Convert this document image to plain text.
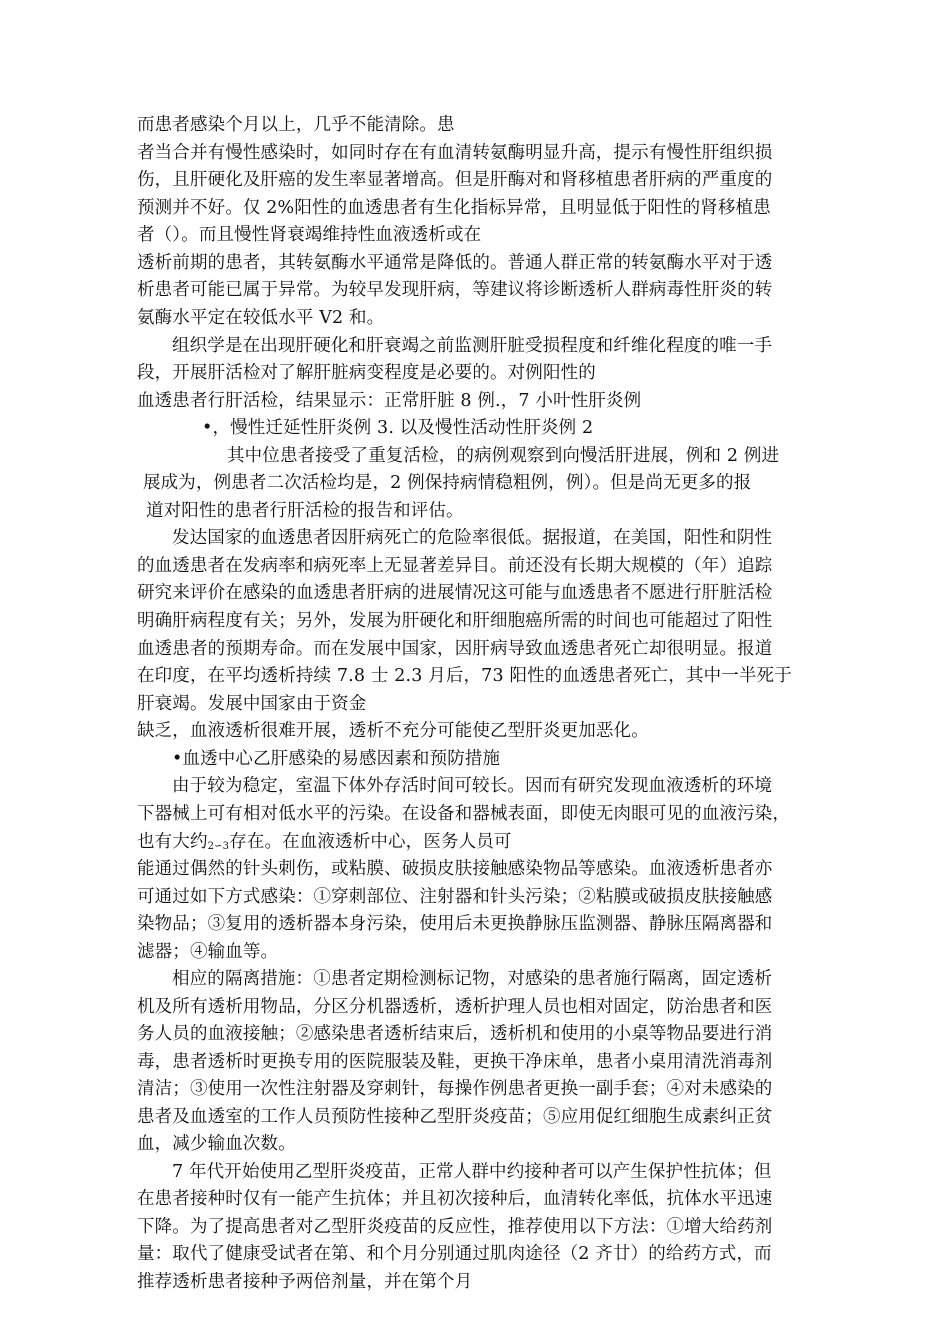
而患者感染个月以上，几乎不能清除。患
者当合并有慢性感染时，如同时存在有血清转氨酶明显升高，提示有慢性肝组织损
伤，且肝硬化及肝癌的发生率显著增高。但是肝酶对和肾移植患者肝病的严重度的
预测并不好。仅 2%阳性的血透患者有生化指标异常，且明显低于阳性的肾移植患
者（）。而且慢性肾衰竭维持性血液透析或在
透析前期的患者，其转氨酶水平通常是降低的。普通人群正常的转氨酶水平对于透
析患者可能已属于异常。为较早发现肝病，等建议将诊断透析人群病毒性肝炎的转
氨酶水平定在较低水平 V2 和。
组织学是在出现肝硬化和肝衰竭之前监测肝脏受损程度和纤维化程度的唯一手
段，开展肝活检对了解肝脏病变程度是必要的。对例阳性的
血透患者行肝活检，结果显示：正常肝脏 8 例.，7 小叶性肝炎例
•，慢性迁延性肝炎例 3. 以及慢性活动性肝炎例 2
其中位患者接受了重复活检，的病例观察到向慢活肝进展，例和 2 例进
展成为，例患者二次活检均是，2 例保持病情稳粗例，例）。但是尚无更多的报
道对阳性的患者行肝活检的报告和评估。
发达国家的血透患者因肝病死亡的危险率很低。据报道，在美国，阳性和阴性
的血透患者在发病率和病死率上无显著差异目。前还没有长期大规模的（年）追踪
研究来评价在感染的血透患者肝病的进展情况这可能与血透患者不愿进行肝脏活检
明确肝病程度有关；另外，发展为肝硬化和肝细胞癌所需的时间也可能超过了阳性
血透患者的预期寿命。而在发展中国家，因肝病导致血透患者死亡却很明显。报道
在印度，在平均透析持续 7.8 士 2.3 月后，73 阳性的血透患者死亡，其中一半死于
肝衰竭。发展中国家由于资金
缺乏，血液透析很难开展，透析不充分可能使乙型肝炎更加恶化。
•血透中心乙肝感染的易感因素和预防措施
由于较为稳定，室温下体外存活时间可较长。因而有研究发现血液透析的环境
下器械上可有相对低水平的污染。在设备和器械表面，即使无肉眼可见的血液污染，
也有大约2∽3存在。在血液透析中心，医务人员可
能通过偶然的针头刺伤，或粘膜、破损皮肤接触感染物品等感染。血液透析患者亦
可通过如下方式感染：①穿刺部位、注射器和针头污染；②粘膜或破损皮肤接触感
染物品；③复用的透析器本身污染，使用后未更换静脉压监测器、静脉压隔离器和
滤器；④输血等。
相应的隔离措施：①患者定期检测标记物，对感染的患者施行隔离，固定透析
机及所有透析用物品，分区分机器透析，透析护理人员也相对固定，防治患者和医
务人员的血液接触；②感染患者透析结束后，透析机和使用的小桌等物品要进行消
毒，患者透析时更换专用的医院服装及鞋，更换干净床单，患者小桌用清洗消毒剂
清洁；③使用一次性注射器及穿刺针，每操作例患者更换一副手套；④对未感染的
患者及血透室的工作人员预防性接种乙型肝炎疫苗；⑤应用促红细胞生成素纠正贫
血，减少输血次数。
7 年代开始使用乙型肝炎疫苗，正常人群中约接种者可以产生保护性抗体；但
在患者接种时仅有一能产生抗体；并且初次接种后，血清转化率低，抗体水平迅速
下降。为了提高患者对乙型肝炎疫苗的反应性，推荐使用以下方法：①增大给药剂
量：取代了健康受试者在第、和个月分别通过肌肉途径（2 齐廿）的给药方式，而
推荐透析患者接种予两倍剂量，并在第个月
